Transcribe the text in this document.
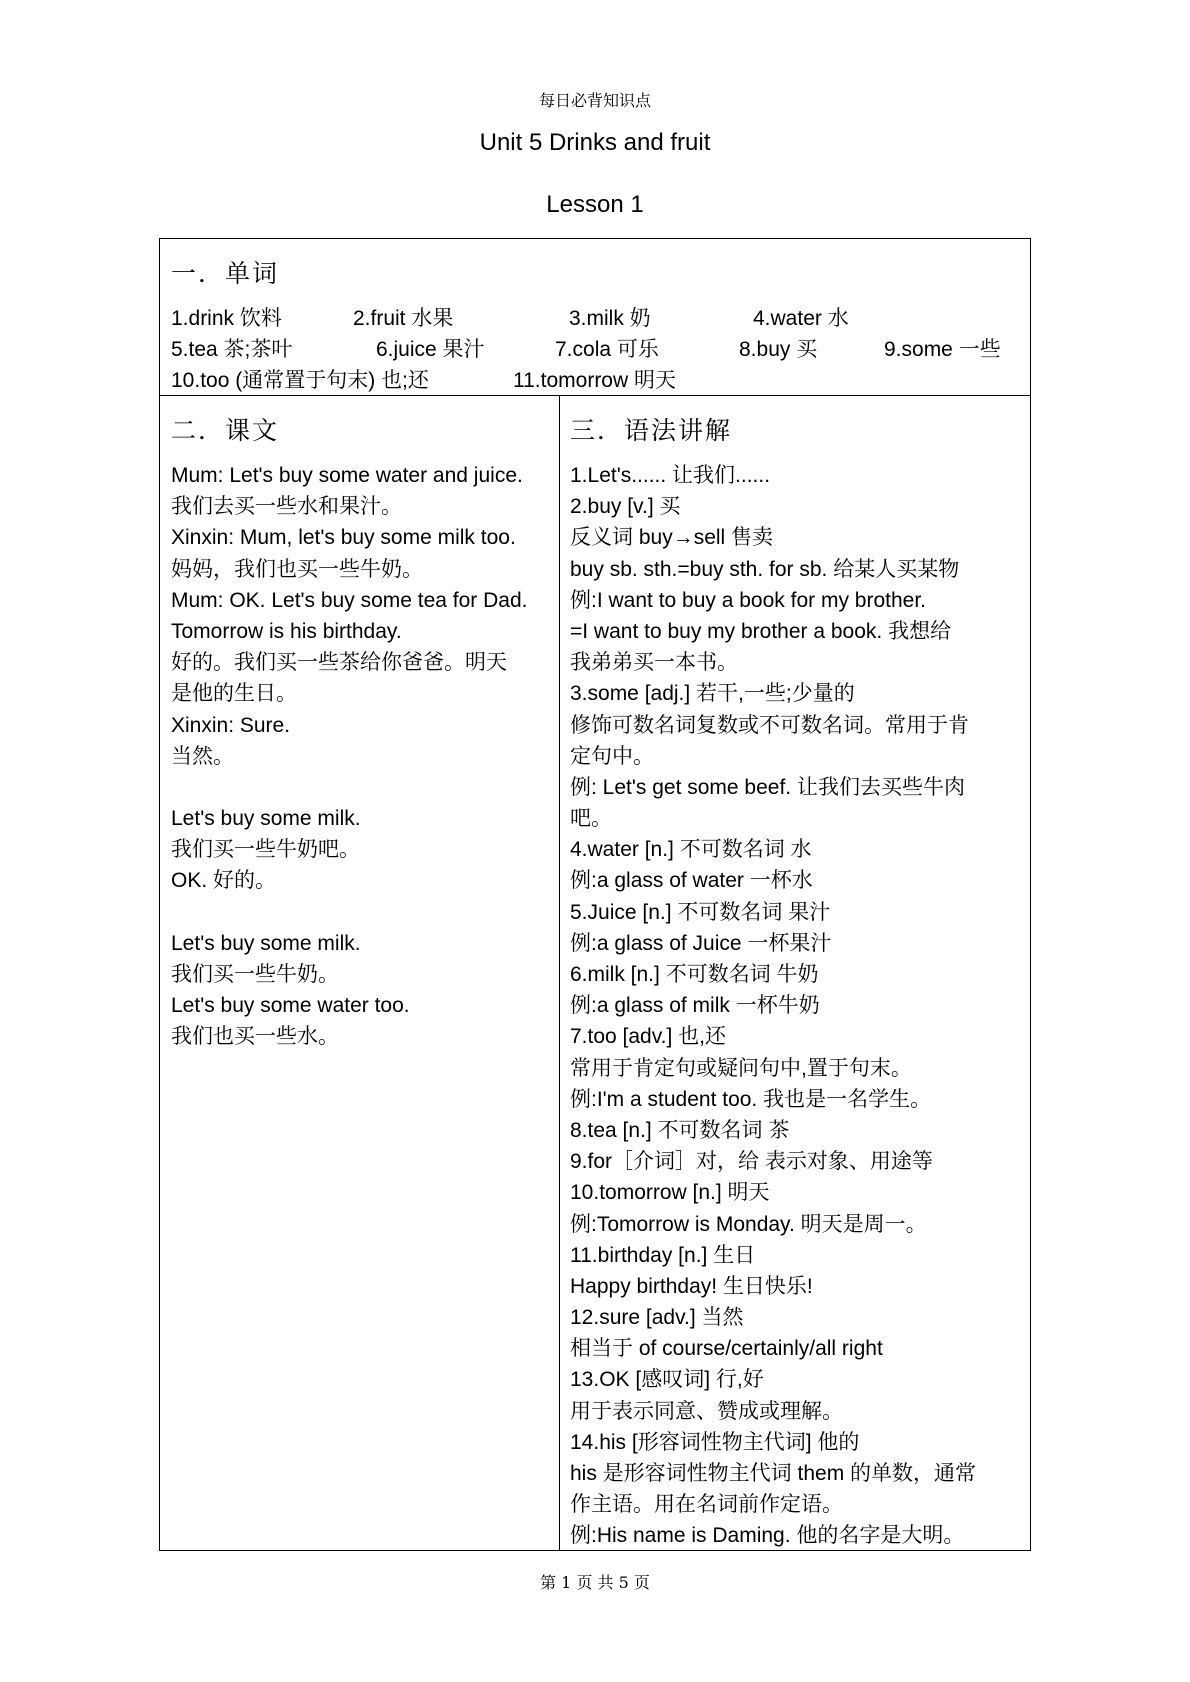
每日必背知识点
Unit 5 Drinks and fruit
Lesson 1
一．单词
1.drink 饮料	2.fruit 水果	3.milk 奶	4.water 水
5.tea 茶;茶叶	6.juice 果汁	7.cola 可乐	8.buy 买	9.some 一些
10.too (通常置于句末) 也;还	11.tomorrow 明天
二．课文
Mum: Let's buy some water and juice.
我们去买一些水和果汁。
Xinxin: Mum, let's buy some milk too.
妈妈，我们也买一些牛奶。
Mum: OK. Let's buy some tea for Dad.
Tomorrow is his birthday.
好的。我们买一些茶给你爸爸。明天
是他的生日。
Xinxin: Sure.
当然。
Let's buy some milk.
我们买一些牛奶吧。
OK. 好的。
Let's buy some milk.
我们买一些牛奶。
Let's buy some water too.
我们也买一些水。
三．语法讲解
1.Let's...... 让我们......
2.buy [v.] 买
反义词 buy→sell 售卖
buy sb. sth.=buy sth. for sb. 给某人买某物
例:I want to buy a book for my brother.
=I want to buy my brother a book. 我想给
我弟弟买一本书。
3.some [adj.] 若干,一些;少量的
修饰可数名词复数或不可数名词。常用于肯
定句中。
例: Let's get some beef. 让我们去买些牛肉
吧。
4.water [n.] 不可数名词 水
例:a glass of water 一杯水
5.Juice [n.] 不可数名词 果汁
例:a glass of Juice 一杯果汁
6.milk [n.] 不可数名词 牛奶
例:a glass of milk 一杯牛奶
7.too [adv.] 也,还
常用于肯定句或疑问句中,置于句末。
例:I'm a student too. 我也是一名学生。
8.tea [n.] 不可数名词 茶
9.for［介词］对，给 表示对象、用途等
10.tomorrow [n.] 明天
例:Tomorrow is Monday. 明天是周一。
11.birthday [n.] 生日
Happy birthday! 生日快乐!
12.sure [adv.] 当然
相当于 of course/certainly/all right
13.OK [感叹词] 行,好
用于表示同意、赞成或理解。
14.his [形容词性物主代词] 他的
his 是形容词性物主代词 them 的单数，通常
作主语。用在名词前作定语。
例:His name is Daming. 他的名字是大明。
第 1 页 共 5 页
